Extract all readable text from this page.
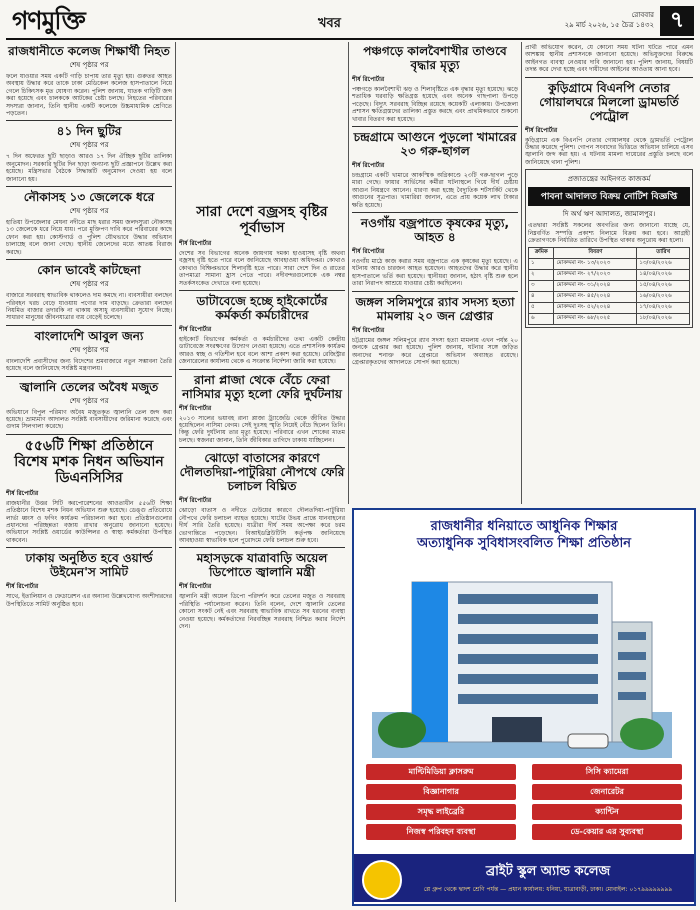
গণমুক্তি	খবর
রোববার
২৯ মার্চ ২০২৬, ১৫ চৈত্র ১৪৩২ ৭
রাজধানীতে কলেজ শিক্ষার্থী নিহত
শেষ পৃষ্ঠার পর

ফলে যাওয়ার সময় একটি গাড়ি চাপায় তার মৃত্যু হয়। গুরুতর আহত অবস্থায় উদ্ধার করে তাকে ঢাকা মেডিকেল কলেজ হাসপাতালে নিয়ে গেলে চিকিৎসক মৃত ঘোষণা করেন। পুলিশ জানায়, ঘাতক গাড়িটি জব্দ করা হয়েছে এবং চালককে আটকের চেষ্টা চলছে। নিহতের পরিবারের সদস্যরা জানান, তিনি স্থানীয় একটি কলেজে উচ্চমাধ্যমিক শ্রেণিতে পড়তেন।

৪১ দিন ছুটির
শেষ পৃষ্ঠার পর

৭ দিন অফেরত ছুটি ছাড়াও আরও ১৭ দিন ঐচ্ছিক ছুটির তালিকা অনুমোদন। সরকারি ছুটির দিন ছাড়া অন্যান্য ছুটি প্রজ্ঞাপনে উল্লেখ করা হয়েছে। মন্ত্রিসভার বৈঠকে সিদ্ধান্তটি অনুমোদন দেওয়া হয় বলে জানানো হয়।

নৌকাসহ ১৩ জেলেকে ধরে
শেষ পৃষ্ঠার পর

হাতিয়া উপজেলার মেঘনা নদীতে মাছ ধরার সময় জলদস্যুরা নৌকাসহ ১৩ জেলেকে ধরে নিয়ে যায়। পরে মুক্তিপণ দাবি করে পরিবারের কাছে ফোন করা হয়। কোস্টগার্ড ও পুলিশ যৌথভাবে উদ্ধার অভিযান চালাচ্ছে বলে জানা গেছে। স্থানীয় জেলেদের মধ্যে আতঙ্ক বিরাজ করছে।

কোন ভাবেই কাটছেনা
শেষ পৃষ্ঠার পর

বাজারে সরবরাহ স্বাভাবিক থাকলেও দাম কমছে না। ব্যবসায়ীরা বলছেন পরিবহন খরচ বেড়ে যাওয়ায় পণ্যের দাম বাড়ছে। ক্রেতারা বলছেন নিয়মিত বাজার তদারকি না থাকায় অসাধু ব্যবসায়ীরা সুযোগ নিচ্ছে। সাধারণ মানুষের জীবনযাত্রার ব্যয় বেড়েই চলেছে।

বাংলাদেশি আবুল জন্য
শেষ পৃষ্ঠার পর

বাংলাদেশি প্রবাসীদের জন্য বিদেশের শ্রমবাজারে নতুন সম্ভাবনা তৈরি হয়েছে বলে জানিয়েছে সংশ্লিষ্ট মন্ত্রণালয়।

জ্বালানি তেলের অবৈধ মজুত
শেষ পৃষ্ঠার পর

অভিযানে বিপুল পরিমাণ অবৈধ মজুতকৃত জ্বালানি তেল জব্দ করা হয়েছে। ভ্রাম্যমাণ আদালত সংশ্লিষ্ট ব্যবসায়ীদের জরিমানা করেছে এবং গুদাম সিলগালা করেছে।

৫৫৬টি শিক্ষা প্রতিষ্ঠানে বিশেষ মশক নিধন অভিযান ডিএনসিসির
শীর্ষ রিপোর্টার

রাজধানীর উত্তর সিটি করপোরেশনের আওতাধীন ৫৫৬টি শিক্ষা প্রতিষ্ঠানে বিশেষ মশক নিধন অভিযান শুরু হয়েছে। ডেঙ্গু প্রতিরোধে লার্ভা ধ্বংস ও ফগিং কার্যক্রম পরিচালনা করা হবে। প্রতিষ্ঠানগুলোর প্রধানদের পরিচ্ছন্নতা বজায় রাখার অনুরোধ জানানো হয়েছে। অভিযানে সংশ্লিষ্ট ওয়ার্ডের কাউন্সিলর ও স্বাস্থ্য কর্মকর্তারা উপস্থিত থাকবেন।

ঢাকায় অনুষ্ঠিত হবে ওয়ার্ল্ড উইমেন'স সামিট
শীর্ষ রিপোর্টার

সাথে, ইতালিয়ান ও ফেডারেশন এর অন্যান্য উল্লেখযোগ্য অংশীদারদের উপস্থিতিতে সামিট অনুষ্ঠিত হবে।

সারা দেশে বজ্রসহ বৃষ্টির পূর্বাভাস
শীর্ষ রিপোর্টার

দেশের সব বিভাগের অনেক জায়গায় দমকা হাওয়াসহ বৃষ্টি অথবা বজ্রসহ বৃষ্টি হতে পারে বলে জানিয়েছে আবহাওয়া অধিদপ্তর। কোথাও কোথাও বিক্ষিপ্তভাবে শিলাবৃষ্টি হতে পারে। সারা দেশে দিন ও রাতের তাপমাত্রা সামান্য হ্রাস পেতে পারে। নদীবন্দরগুলোকে এক নম্বর সতর্কসংকেত দেখাতে বলা হয়েছে।

ডাটাবেজে হচ্ছে হাইকোর্টের কর্মকর্তা কর্মচারীদের
শীর্ষ রিপোর্টার

হাইকোর্ট বিভাগের কর্মকর্তা ও কর্মচারীদের তথ্য একটি কেন্দ্রীয় ডাটাবেজে সংরক্ষণের উদ্যোগ নেওয়া হয়েছে। এতে প্রশাসনিক কার্যক্রম আরও স্বচ্ছ ও গতিশীল হবে বলে আশা প্রকাশ করা হয়েছে। রেজিস্ট্রার জেনারেলের কার্যালয় থেকে এ সংক্রান্ত নির্দেশনা জারি করা হয়েছে।

রানা প্লাজা থেকে বেঁচে ফেরা নাসিমার মৃত্যু হলো ফেরি দুর্ঘটনায়
শীর্ষ রিপোর্টার

২০১৩ সালের ভয়াবহ রানা প্লাজা ট্র্যাজেডি থেকে জীবিত উদ্ধার হয়েছিলেন নাসিমা বেগম। সেই দুঃসহ স্মৃতি নিয়েই বেঁচে ছিলেন তিনি। কিন্তু ফেরি দুর্ঘটনায় তার মৃত্যু হয়েছে। পরিবারে এখন শোকের মাতম চলছে। স্বজনরা জানান, তিনি জীবিকার তাগিদে ঢাকায় যাচ্ছিলেন।

ঝোড়ো বাতাসের কারণে দৌলতদিয়া-পাটুরিয়া নৌপথে ফেরি চলাচল বিঘ্নিত
শীর্ষ রিপোর্টার

ঝোড়ো বাতাস ও নদীতে ঢেউয়ের কারণে দৌলতদিয়া-পাটুরিয়া নৌপথে ফেরি চলাচল ব্যাহত হয়েছে। ঘাটের উভয় প্রান্তে যানবাহনের দীর্ঘ সারি তৈরি হয়েছে। যাত্রীরা দীর্ঘ সময় অপেক্ষা করে চরম ভোগান্তিতে পড়েছেন। বিআইডব্লিউটিসি কর্তৃপক্ষ জানিয়েছে আবহাওয়া স্বাভাবিক হলে পুরোদমে ফেরি চলাচল শুরু হবে।

মহাসড়কে যাত্রাবাড়ি অয়েল ডিপোতে জ্বালানি মন্ত্রী
শীর্ষ রিপোর্টার

জ্বালানি মন্ত্রী অয়েল ডিপো পরিদর্শন করে তেলের মজুত ও সরবরাহ পরিস্থিতি পর্যালোচনা করেন। তিনি বলেন, দেশে জ্বালানি তেলের কোনো সংকট নেই এবং সরবরাহ স্বাভাবিক রাখতে সব ধরনের ব্যবস্থা নেওয়া হয়েছে। কর্মকর্তাদের নিরবচ্ছিন্ন সরবরাহ নিশ্চিত করার নির্দেশ দেন।

পঞ্চগড়ে কালবৈশাখীর তাণ্ডবে বৃদ্ধার মৃত্যু
শীর্ষ রিপোর্টার

পঞ্চগড়ে কালবৈশাখী ঝড় ও শিলাবৃষ্টিতে এক বৃদ্ধার মৃত্যু হয়েছে। ঝড়ে শতাধিক ঘরবাড়ি ক্ষতিগ্রস্ত হয়েছে এবং অনেক গাছপালা উপড়ে পড়েছে। বিদ্যুৎ সরবরাহ বিচ্ছিন্ন রয়েছে কয়েকটি এলাকায়। উপজেলা প্রশাসন ক্ষতিগ্রস্তদের তালিকা প্রস্তুত করছে এবং প্রাথমিকভাবে শুকনো খাবার বিতরণ করা হয়েছে।

চন্দ্রগ্রামে আগুনে পুড়লো খামারের ২৩ গরু-ছাগল
শীর্ষ রিপোর্টার

চন্দ্রগ্রামে একটি খামারে আকস্মিক অগ্নিকাণ্ডে ২৩টি গরু-ছাগল পুড়ে মারা গেছে। ফায়ার সার্ভিসের কর্মীরা ঘটনাস্থলে গিয়ে দীর্ঘ চেষ্টায় আগুন নিয়ন্ত্রণে আনেন। ধারণা করা হচ্ছে বৈদ্যুতিক শর্টসার্কিট থেকে আগুনের সূত্রপাত। খামারিরা জানান, এতে প্রায় কয়েক লাখ টাকার ক্ষতি হয়েছে।

নওগাঁয় বজ্রপাতে কৃষকের মৃত্যু, আহত ৪
শীর্ষ রিপোর্টার

নওগাঁয় মাঠে কাজ করার সময় বজ্রপাতে এক কৃষকের মৃত্যু হয়েছে। এ ঘটনায় আরও চারজন আহত হয়েছেন। আহতদের উদ্ধার করে স্থানীয় হাসপাতালে ভর্তি করা হয়েছে। স্থানীয়রা জানান, হঠাৎ বৃষ্টি শুরু হলে তারা নিরাপদ আশ্রয়ে যাওয়ার চেষ্টা করছিলেন।

জঙ্গল সলিমপুরে র‍্যাব সদস্য হত্যা মামলায় ২০ জন গ্রেপ্তার
শীর্ষ রিপোর্টার

চট্টগ্রামের জঙ্গল সলিমপুরে র‍্যাব সদস্য হত্যা মামলায় এখন পর্যন্ত ২০ জনকে গ্রেপ্তার করা হয়েছে। পুলিশ জানায়, ঘটনার সঙ্গে জড়িত অন্যদের শনাক্ত করে গ্রেপ্তারে অভিযান অব্যাহত রয়েছে। গ্রেপ্তারকৃতদের আদালতে সোপর্দ করা হয়েছে।

প্রার্থী অভিযোগ করেন, যে কোনো সময় ঘটনা ঘটতে পারে এমন আশঙ্কায় স্থানীয় প্রশাসনকে জানানো হয়েছে। অভিযুক্তদের বিরুদ্ধে আইনগত ব্যবস্থা নেওয়ার দাবি জানানো হয়। পুলিশ জানায়, বিষয়টি তদন্ত করে দেখা হচ্ছে এবং দায়ীদের আইনের আওতায় আনা হবে।

কুড়িগ্রামে বিএনপি নেতার গোয়ালঘরে মিললো ড্রামভর্তি পেট্রোল
শীর্ষ রিপোর্টার

কুড়িগ্রামে এক বিএনপি নেতার গোয়ালঘর থেকে ড্রামভর্তি পেট্রোল উদ্ধার করেছে পুলিশ। গোপন সংবাদের ভিত্তিতে অভিযান চালিয়ে এসব জ্বালানি জব্দ করা হয়। এ ঘটনায় মামলা দায়েরের প্রস্তুতি চলছে বলে জানিয়েছে থানা পুলিশ।

প্রজাতন্ত্রের আইনগত কাজকর্ম
পাবনা আদালত বিক্রয় নোটিশ বিজ্ঞপ্তি
দি অর্থ ঋণ আদালত, জামালপুর।

এতদ্বারা সংশ্লিষ্ট সকলের অবগতির জন্য জানানো যাচ্ছে যে, নিম্নবর্ণিত সম্পত্তি প্রকাশ্য নিলামে বিক্রয় করা হবে। আগ্রহী ক্রেতাগণকে নির্ধারিত তারিখে উপস্থিত থাকার অনুরোধ করা হলো।

ক্রমিক	বিবরণ	তারিখ
১	মোকদ্দমা নং- ১৩/২০২৩	১৩/০৪/২০২৬
২	মোকদ্দমা নং- ২৭/২০২৩	১৪/০৪/২০২৬
৩	মোকদ্দমা নং- ৩১/২০২৪	১৫/০৪/২০২৬
৪	মোকদ্দমা নং- ৪৫/২০২৪	১৬/০৪/২০২৬
৫	মোকদ্দমা নং- ৫২/২০২৪	১৭/০৪/২০২৬
৬	মোকদ্দমা নং- ৬৮/২০২৫	১৮/০৪/২০২৬
রাজধানীর ধনিয়াতে আধুনিক শিক্ষার
অত্যাধুনিক সুবিধাসংবলিত শিক্ষা প্রতিষ্ঠান
মাল্টিমিডিয়া ক্লাসরুম	সিসি ক্যামেরা
বিজ্ঞানাগার	জেনারেটর
সমৃদ্ধ লাইব্রেরি	ক্যান্টিন
নিজস্ব পরিবহন ব্যবস্থা	ডে-কেয়ার এর সুব্যবস্থা
ব্রাইট স্কুল অ্যান্ড কলেজ
প্লে গ্রুপ থেকে দ্বাদশ শ্রেণি পর্যন্ত — প্রধান কার্যালয়: ধনিয়া, যাত্রাবাড়ী, ঢাকা। মোবাইল: ০১৭৯৯৯৯৯৯৯৯
